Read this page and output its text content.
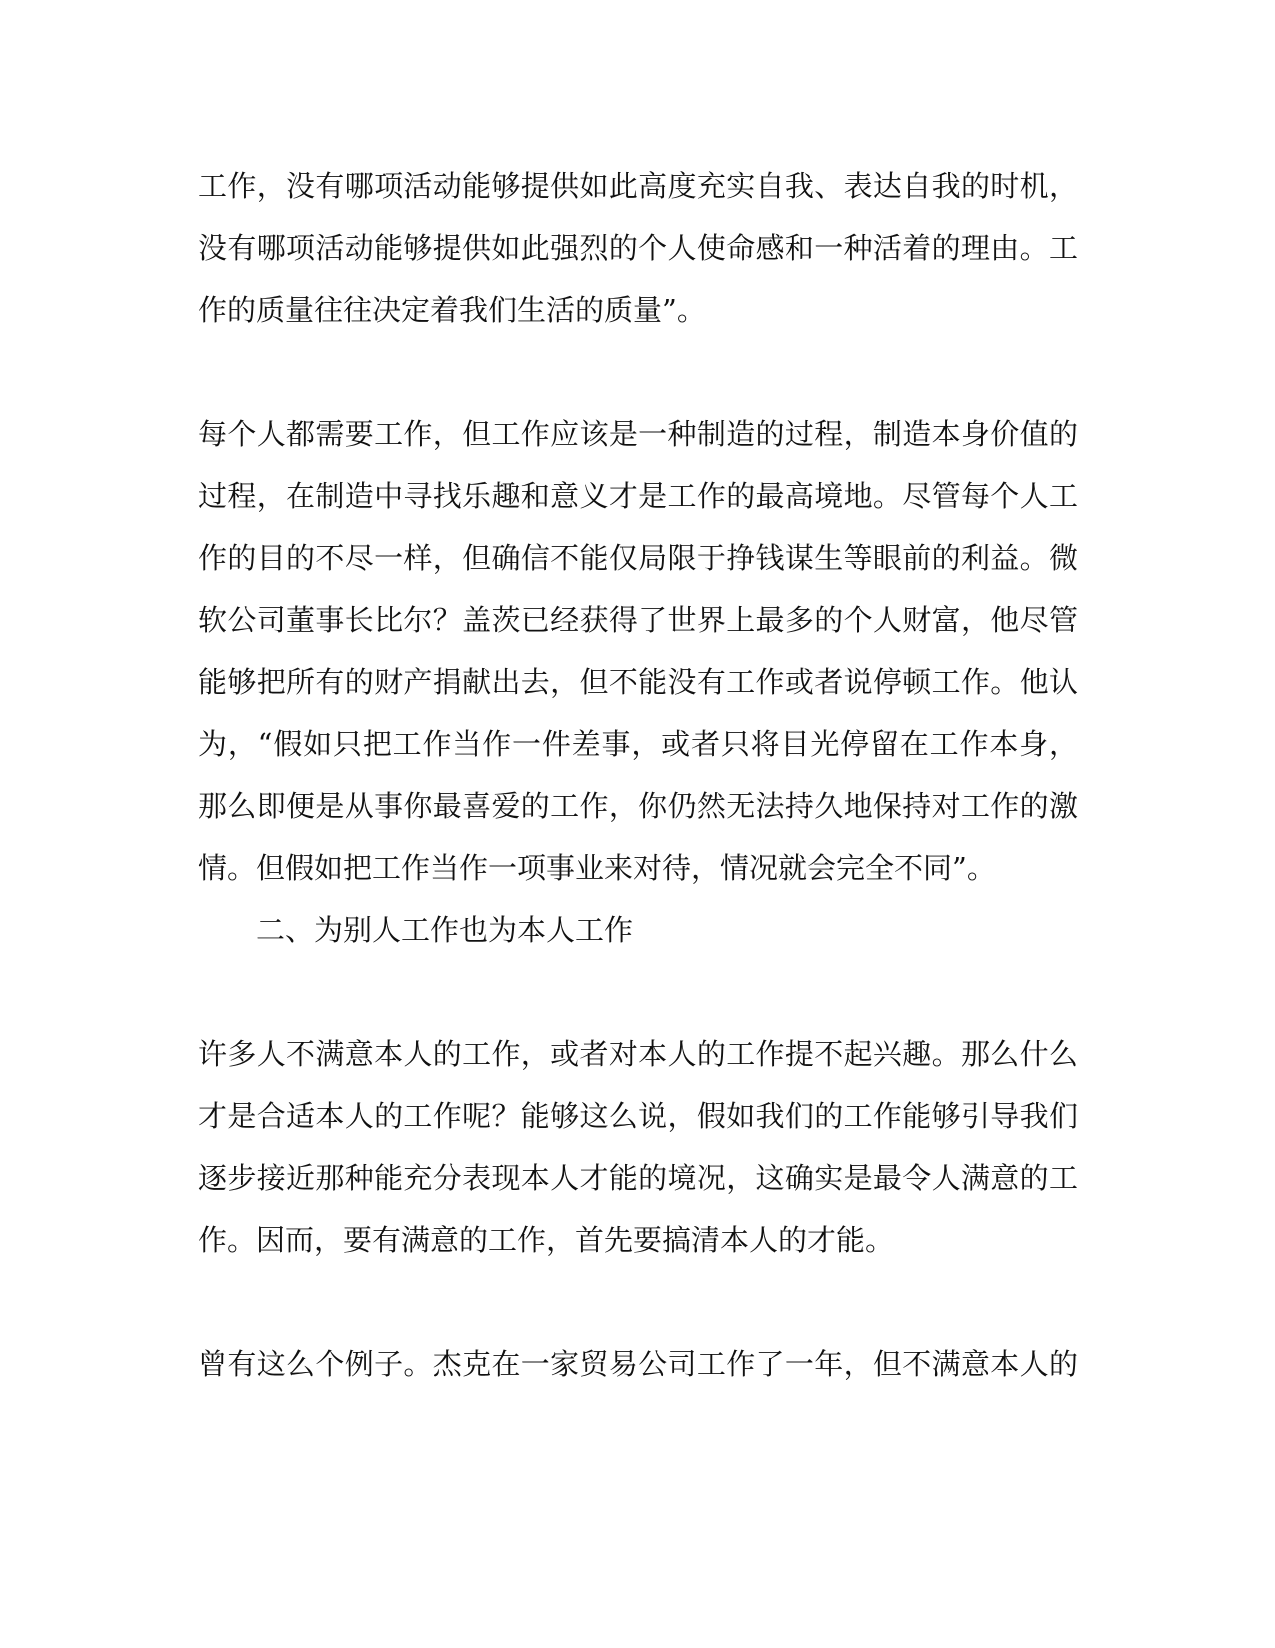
工作，没有哪项活动能够提供如此高度充实自我、表达自我的时机，
没有哪项活动能够提供如此强烈的个人使命感和一种活着的理由。工
作的质量往往决定着我们生活的质量”。
每个人都需要工作，但工作应该是一种制造的过程，制造本身价值的
过程，在制造中寻找乐趣和意义才是工作的最高境地。尽管每个人工
作的目的不尽一样，但确信不能仅局限于挣钱谋生等眼前的利益。微
软公司董事长比尔？盖茨已经获得了世界上最多的个人财富，他尽管
能够把所有的财产捐献出去，但不能没有工作或者说停顿工作。他认
为，“假如只把工作当作一件差事，或者只将目光停留在工作本身，
那么即便是从事你最喜爱的工作，你仍然无法持久地保持对工作的激
情。但假如把工作当作一项事业来对待，情况就会完全不同”。
二、为别人工作也为本人工作
许多人不满意本人的工作，或者对本人的工作提不起兴趣。那么什么
才是合适本人的工作呢？能够这么说，假如我们的工作能够引导我们
逐步接近那种能充分表现本人才能的境况，这确实是最令人满意的工
作。因而，要有满意的工作，首先要搞清本人的才能。
曾有这么个例子。杰克在一家贸易公司工作了一年，但不满意本人的
